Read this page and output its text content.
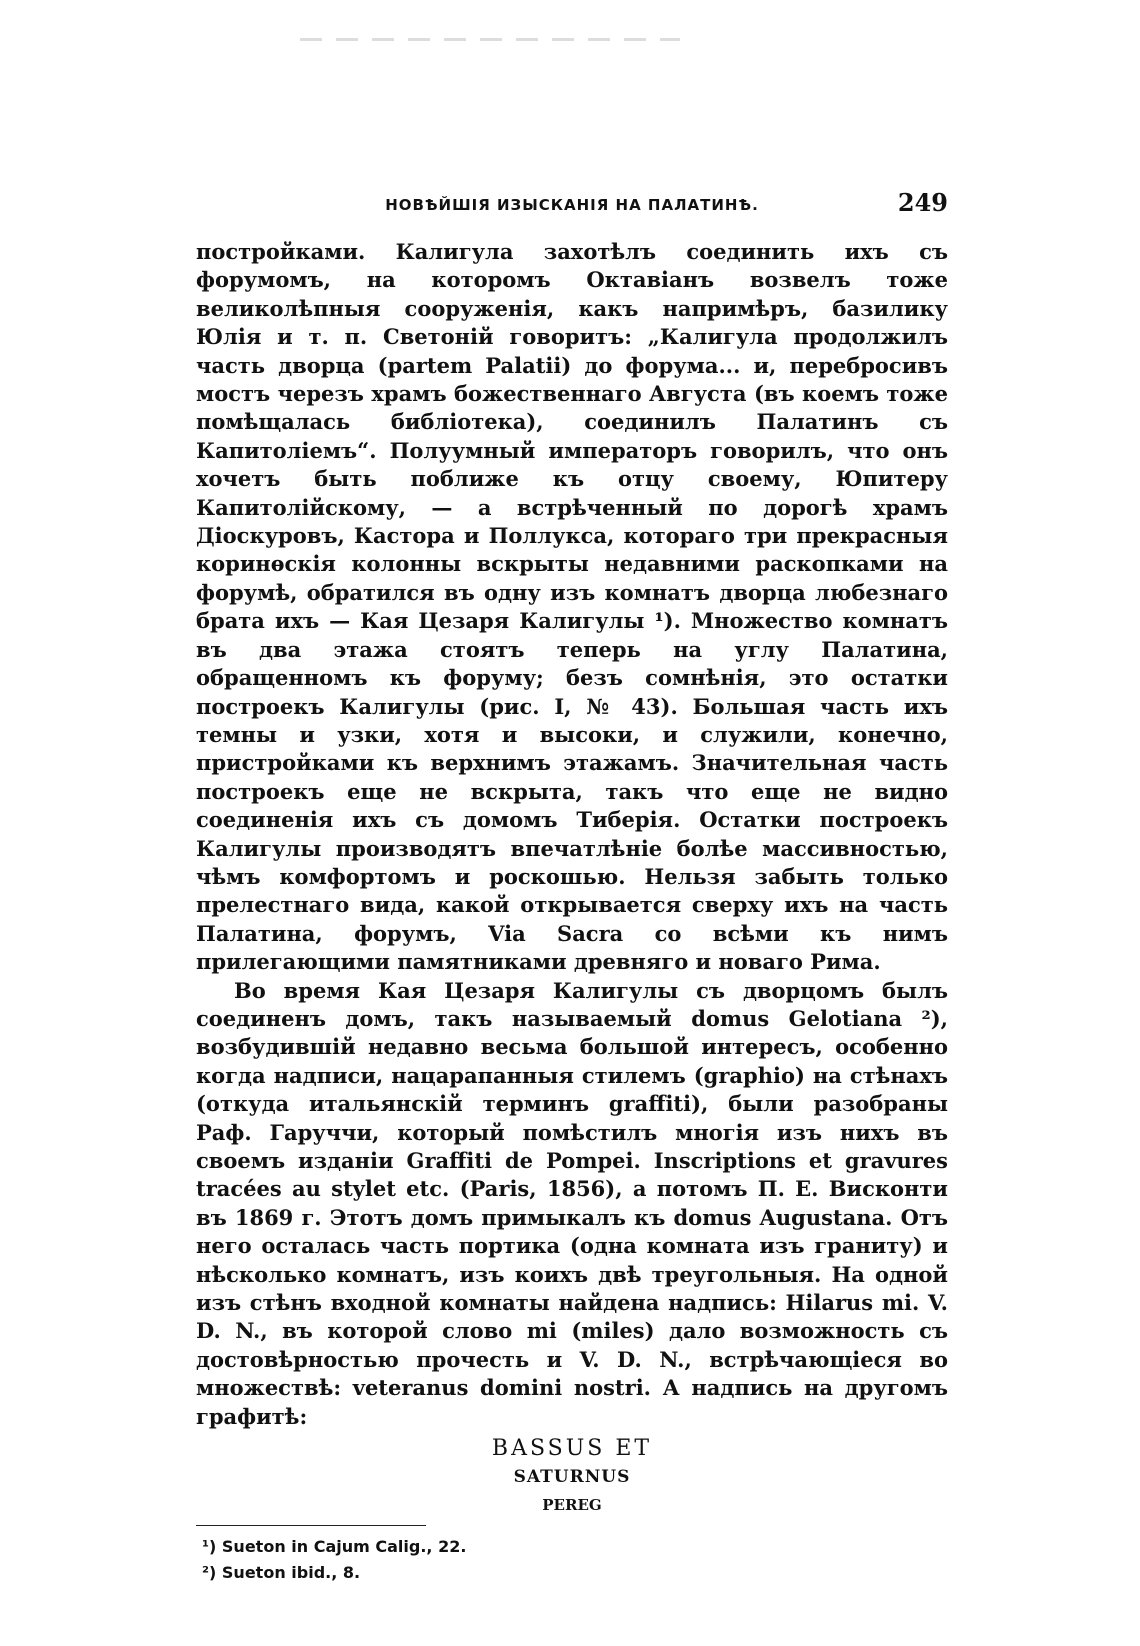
НОВѢЙШІЯ ИЗЫСКАНІЯ НА ПАЛАТИНѢ.	249

постройками. Калигула захотѣлъ соединить ихъ съ форумомъ, на которомъ Октавіанъ возвелъ тоже великолѣпныя сооруженія, какъ напримѣръ, базилику Юлія и т. п. Светоній говоритъ: „Калигула продолжилъ часть дворца (partem Palatii) до форума... и, перебросивъ мостъ черезъ храмъ божественнаго Августа (въ коемъ тоже помѣщалась библіотека), соединилъ Палатинъ съ Капитоліемъ“. Полуумный императоръ говорилъ, что онъ хочетъ быть поближе къ отцу своему, Юпитеру Капитолійскому, — а встрѣченный по дорогѣ храмъ Діоскуровъ, Кастора и Поллукса, котораго три прекрасныя коринѳскія колонны вскрыты недавними раскопками на форумѣ, обратился въ одну изъ комнатъ дворца любезнаго брата ихъ — Кая Цезаря Калигулы ¹). Множество комнатъ въ два этажа стоятъ теперь на углу Палатина, обращенномъ къ форуму; безъ сомнѣнія, это остатки построекъ Калигулы (рис. I, № 43). Большая часть ихъ темны и узки, хотя и высоки, и служили, конечно, пристройками къ верхнимъ этажамъ. Значительная часть построекъ еще не вскрыта, такъ что еще не видно соединенія ихъ съ домомъ Тиберія. Остатки построекъ Калигулы производятъ впечатлѣніе болѣе массивностью, чѣмъ комфортомъ и роскошью. Нельзя забыть только прелестнаго вида, какой открывается сверху ихъ на часть Палатина, форумъ, Via Sacra со всѣми къ нимъ прилегающими памятниками древняго и новаго Рима.

Во время Кая Цезаря Калигулы съ дворцомъ былъ соединенъ домъ, такъ называемый domus Gelotiana ²), возбудившій недавно весьма большой интересъ, особенно когда надписи, нацарапанныя стилемъ (graphio) на стѣнахъ (откуда итальянскій терминъ graffiti), были разобраны Раф. Гаруччи, который помѣстилъ многія изъ нихъ въ своемъ изданіи Graffiti de Pompei. Inscriptions et gravures tracées au stylet etc. (Paris, 1856), а потомъ П. Е. Висконти въ 1869 г. Этотъ домъ примыкалъ къ domus Augustana. Отъ него осталась часть портика (одна комната изъ граниту) и нѣсколько комнатъ, изъ коихъ двѣ треугольныя. На одной изъ стѣнъ входной комнаты найдена надпись: Hilarus mi. V. D. N., въ которой слово mi (miles) дало возможность съ достовѣрностью прочесть и V. D. N., встрѣчающіеся во множествѣ: veteranus domini nostri. А надпись на другомъ графитѣ:

BASSUS ET
SATURNUS
PEREG
¹) Sueton in Cajum Calig., 22.
²) Sueton ibid., 8.
